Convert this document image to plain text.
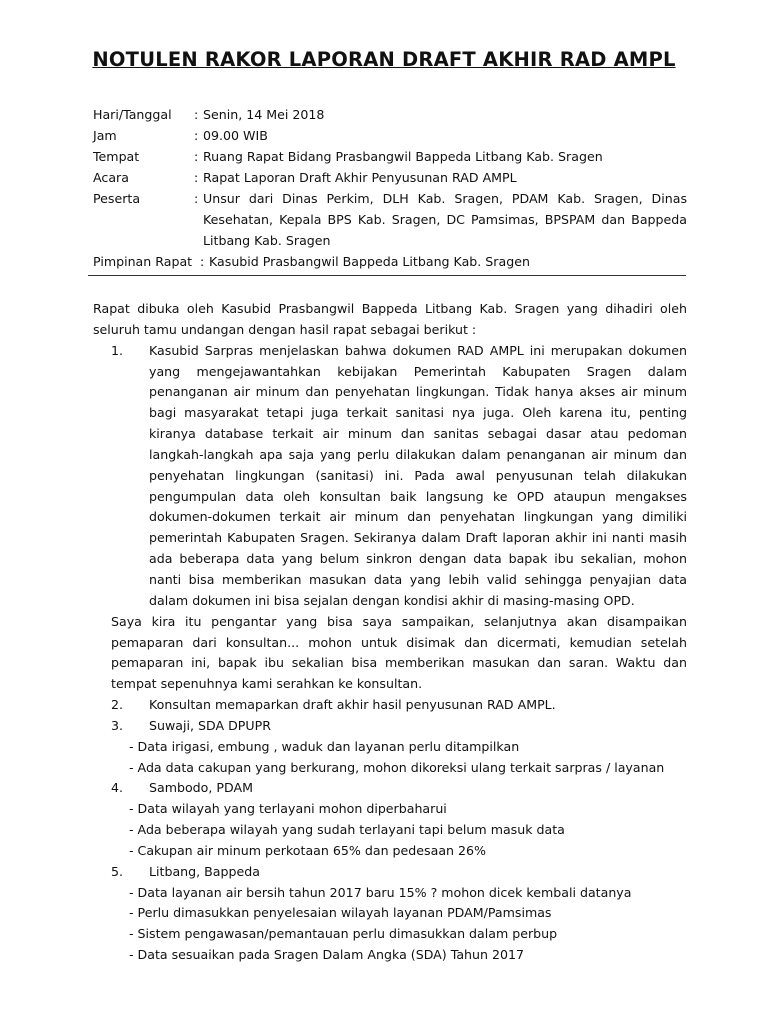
NOTULEN RAKOR LAPORAN DRAFT AKHIR RAD AMPL
Hari/Tanggal	: Senin, 14 Mei 2018
Jam	: 09.00 WIB
Tempat	: Ruang Rapat Bidang Prasbangwil Bappeda Litbang Kab. Sragen
Acara	: Rapat Laporan Draft Akhir Penyusunan RAD AMPL
Peserta	: Unsur dari Dinas Perkim, DLH Kab. Sragen, PDAM Kab. Sragen, Dinas Kesehatan, Kepala BPS Kab. Sragen, DC Pamsimas, BPSPAM dan Bappeda Litbang Kab. Sragen
Pimpinan Rapat : Kasubid Prasbangwil Bappeda Litbang Kab. Sragen

Rapat dibuka oleh Kasubid Prasbangwil Bappeda Litbang Kab. Sragen yang dihadiri oleh seluruh tamu undangan dengan hasil rapat sebagai berikut :

1.	Kasubid Sarpras menjelaskan bahwa dokumen RAD AMPL ini merupakan dokumen yang mengejawantahkan kebijakan Pemerintah Kabupaten Sragen dalam penanganan air minum dan penyehatan lingkungan. Tidak hanya akses air minum bagi masyarakat tetapi juga terkait sanitasi nya juga. Oleh karena itu, penting kiranya database terkait air minum dan sanitas sebagai dasar atau pedoman langkah-langkah apa saja yang perlu dilakukan dalam penanganan air minum dan penyehatan lingkungan (sanitasi) ini. Pada awal penyusunan telah dilakukan pengumpulan data oleh konsultan baik langsung ke OPD ataupun mengakses dokumen-dokumen terkait air minum dan penyehatan lingkungan yang dimiliki pemerintah Kabupaten Sragen. Sekiranya dalam Draft laporan akhir ini nanti masih ada beberapa data yang belum sinkron dengan data bapak ibu sekalian, mohon nanti bisa memberikan masukan data yang lebih valid sehingga penyajian data dalam dokumen ini bisa sejalan dengan kondisi akhir di masing-masing OPD.
Saya kira itu pengantar yang bisa saya sampaikan, selanjutnya akan disampaikan pemaparan dari konsultan... mohon untuk disimak dan dicermati, kemudian setelah pemaparan ini, bapak ibu sekalian bisa memberikan masukan dan saran. Waktu dan tempat sepenuhnya kami serahkan ke konsultan.
2.	Konsultan memaparkan draft akhir hasil penyusunan RAD AMPL.
3.	Suwaji, SDA DPUPR
- Data irigasi, embung , waduk dan layanan perlu ditampilkan
- Ada data cakupan yang berkurang, mohon dikoreksi ulang terkait sarpras / layanan
4.	Sambodo, PDAM
- Data wilayah yang terlayani mohon diperbaharui
- Ada beberapa wilayah yang sudah terlayani tapi belum masuk data
- Cakupan air minum perkotaan 65% dan pedesaan 26%
5.	Litbang, Bappeda
- Data layanan air bersih tahun 2017 baru 15% ? mohon dicek kembali datanya
- Perlu dimasukkan penyelesaian wilayah layanan PDAM/Pamsimas
- Sistem pengawasan/pemantauan perlu dimasukkan dalam perbup
- Data sesuaikan pada Sragen Dalam Angka (SDA) Tahun 2017
